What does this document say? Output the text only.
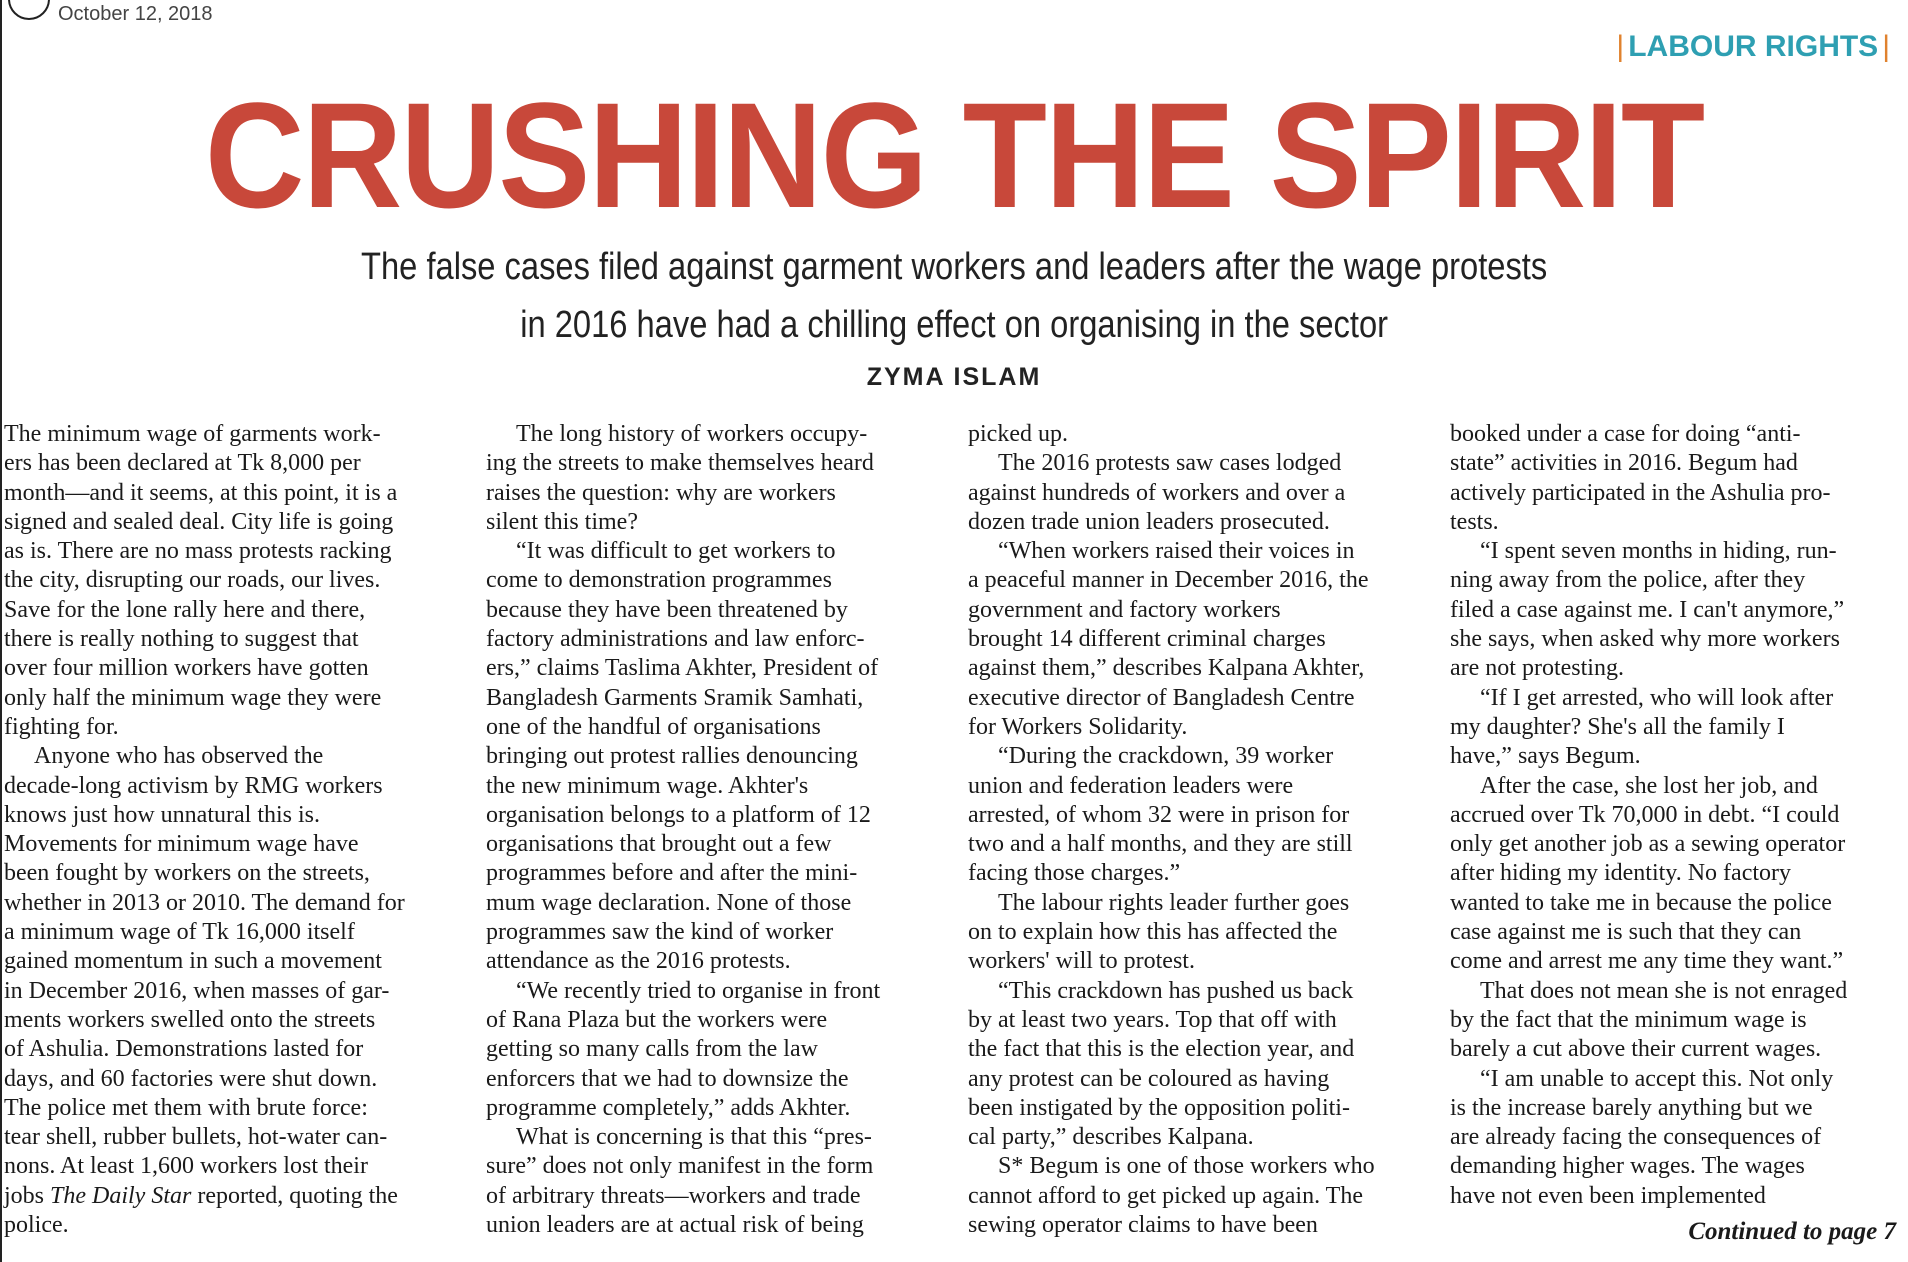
October 12, 2018
| LABOUR RIGHTS |
CRUSHING THE SPIRIT
The false cases filed against garment workers and leaders after the wage protests
in 2016 have had a chilling effect on organising in the sector
ZYMA ISLAM

The minimum wage of garments work-
ers has been declared at Tk 8,000 per
month—and it seems, at this point, it is a
signed and sealed deal. City life is going
as is. There are no mass protests racking
the city, disrupting our roads, our lives.
Save for the lone rally here and there,
there is really nothing to suggest that
over four million workers have gotten
only half the minimum wage they were
fighting for.

Anyone who has observed the
decade-long activism by RMG workers
knows just how unnatural this is.
Movements for minimum wage have
been fought by workers on the streets,
whether in 2013 or 2010. The demand for
a minimum wage of Tk 16,000 itself
gained momentum in such a movement
in December 2016, when masses of gar-
ments workers swelled onto the streets
of Ashulia. Demonstrations lasted for
days, and 60 factories were shut down.
The police met them with brute force:
tear shell, rubber bullets, hot-water can-
nons. At least 1,600 workers lost their
jobs The Daily Star reported, quoting the
police.

The long history of workers occupy-
ing the streets to make themselves heard
raises the question: why are workers
silent this time?

“It was difficult to get workers to
come to demonstration programmes
because they have been threatened by
factory administrations and law enforc-
ers,” claims Taslima Akhter, President of
Bangladesh Garments Sramik Samhati,
one of the handful of organisations
bringing out protest rallies denouncing
the new minimum wage. Akhter's
organisation belongs to a platform of 12
organisations that brought out a few
programmes before and after the mini-
mum wage declaration. None of those
programmes saw the kind of worker
attendance as the 2016 protests.

“We recently tried to organise in front
of Rana Plaza but the workers were
getting so many calls from the law
enforcers that we had to downsize the
programme completely,” adds Akhter.

What is concerning is that this “pres-
sure” does not only manifest in the form
of arbitrary threats—workers and trade
union leaders are at actual risk of being

picked up.

The 2016 protests saw cases lodged
against hundreds of workers and over a
dozen trade union leaders prosecuted.

“When workers raised their voices in
a peaceful manner in December 2016, the
government and factory workers
brought 14 different criminal charges
against them,” describes Kalpana Akhter,
executive director of Bangladesh Centre
for Workers Solidarity.

“During the crackdown, 39 worker
union and federation leaders were
arrested, of whom 32 were in prison for
two and a half months, and they are still
facing those charges.”

The labour rights leader further goes
on to explain how this has affected the
workers' will to protest.

“This crackdown has pushed us back
by at least two years. Top that off with
the fact that this is the election year, and
any protest can be coloured as having
been instigated by the opposition politi-
cal party,” describes Kalpana.

S* Begum is one of those workers who
cannot afford to get picked up again. The
sewing operator claims to have been

booked under a case for doing “anti-
state” activities in 2016. Begum had
actively participated in the Ashulia pro-
tests.

“I spent seven months in hiding, run-
ning away from the police, after they
filed a case against me. I can't anymore,”
she says, when asked why more workers
are not protesting.

“If I get arrested, who will look after
my daughter? She's all the family I
have,” says Begum.

After the case, she lost her job, and
accrued over Tk 70,000 in debt. “I could
only get another job as a sewing operator
after hiding my identity. No factory
wanted to take me in because the police
case against me is such that they can
come and arrest me any time they want.”

That does not mean she is not enraged
by the fact that the minimum wage is
barely a cut above their current wages.

“I am unable to accept this. Not only
is the increase barely anything but we
are already facing the consequences of
demanding higher wages. The wages
have not even been implemented

Continued to page 7
